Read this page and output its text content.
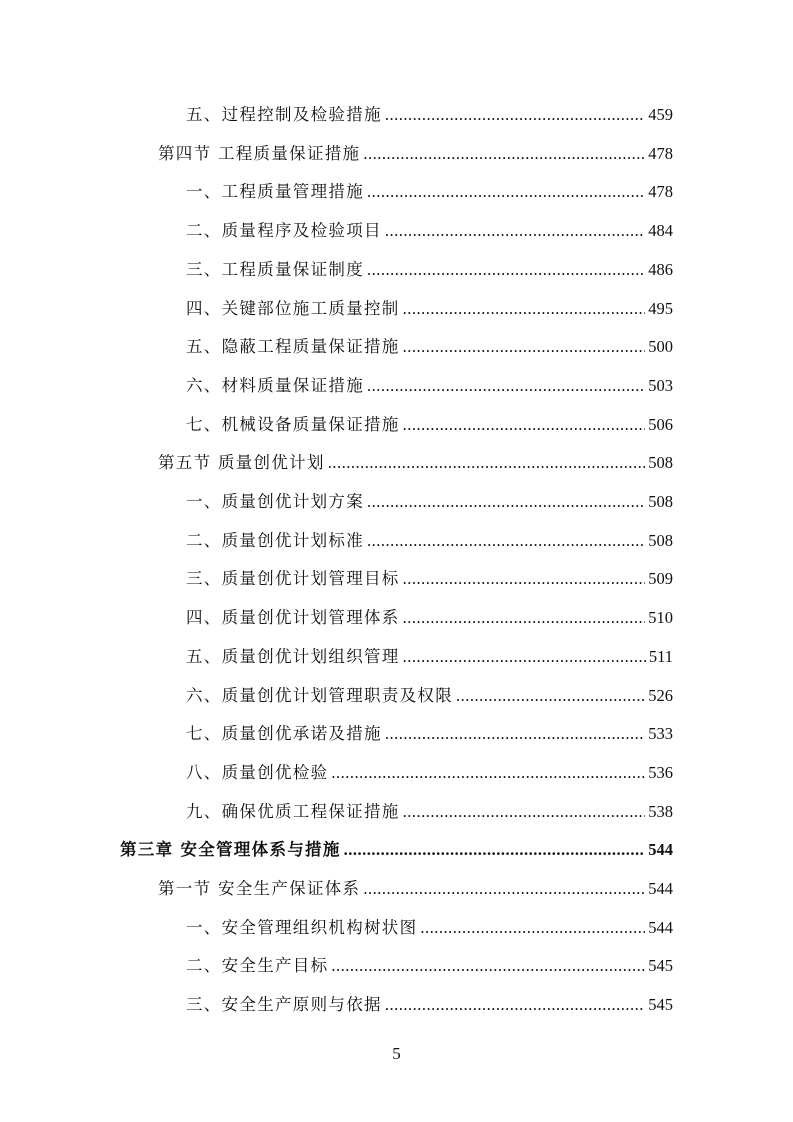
五、过程控制及检验措施 .....	459
第四节 工程质量保证措施 .....	478
一、工程质量管理措施 .....	478
二、质量程序及检验项目 .....	484
三、工程质量保证制度 .....	486
四、关键部位施工质量控制 .....	495
五、隐蔽工程质量保证措施 .....	500
六、材料质量保证措施 .....	503
七、机械设备质量保证措施 .....	506
第五节 质量创优计划 .....	508
一、质量创优计划方案 .....	508
二、质量创优计划标准 .....	508
三、质量创优计划管理目标 .....	509
四、质量创优计划管理体系 .....	510
五、质量创优计划组织管理 .....	511
六、质量创优计划管理职责及权限 .....	526
七、质量创优承诺及措施 .....	533
八、质量创优检验 .....	536
九、确保优质工程保证措施 .....	538
第三章 安全管理体系与措施 .....	544
第一节 安全生产保证体系 .....	544
一、安全管理组织机构树状图 .....	544
二、安全生产目标 .....	545
三、安全生产原则与依据 .....	545
5
